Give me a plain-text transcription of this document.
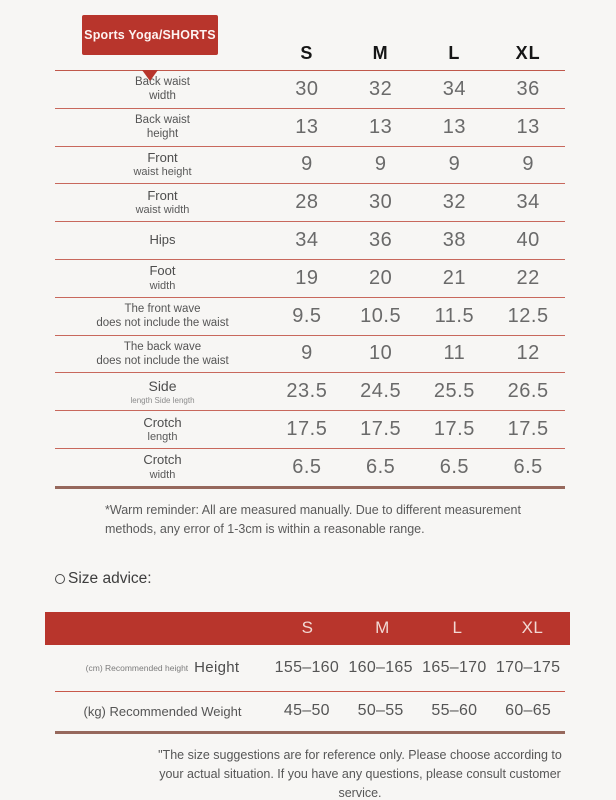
Sports Yoga/SHORTS
S	M	L	XL
Back waist
width	30	32	34	36
Back waist
height	13	13	13	13
Front
waist height	9	9	9	9
Front
waist width	28	30	32	34
Hips	34	36	38	40
Foot
width	19	20	21	22
The front wave
does not include the waist	9.5	10.5	11.5	12.5
The back wave
does not include the waist	9	10	11	12
Side
length Side length	23.5	24.5	25.5	26.5
Crotch
length	17.5	17.5	17.5	17.5
Crotch
width	6.5	6.5	6.5	6.5

*Warm reminder: All are measured manually. Due to different measurement methods, any error of 1-3cm is within a reasonable range.

Size advice:
S	M	L	XL
(cm) Recommended height Height 155–160 160–165 165–170 170–175
(kg) Recommended Weight	45–50	50–55	55–60	60–65

"The size suggestions are for reference only. Please choose according to your actual situation. If you have any questions, please consult customer service.
